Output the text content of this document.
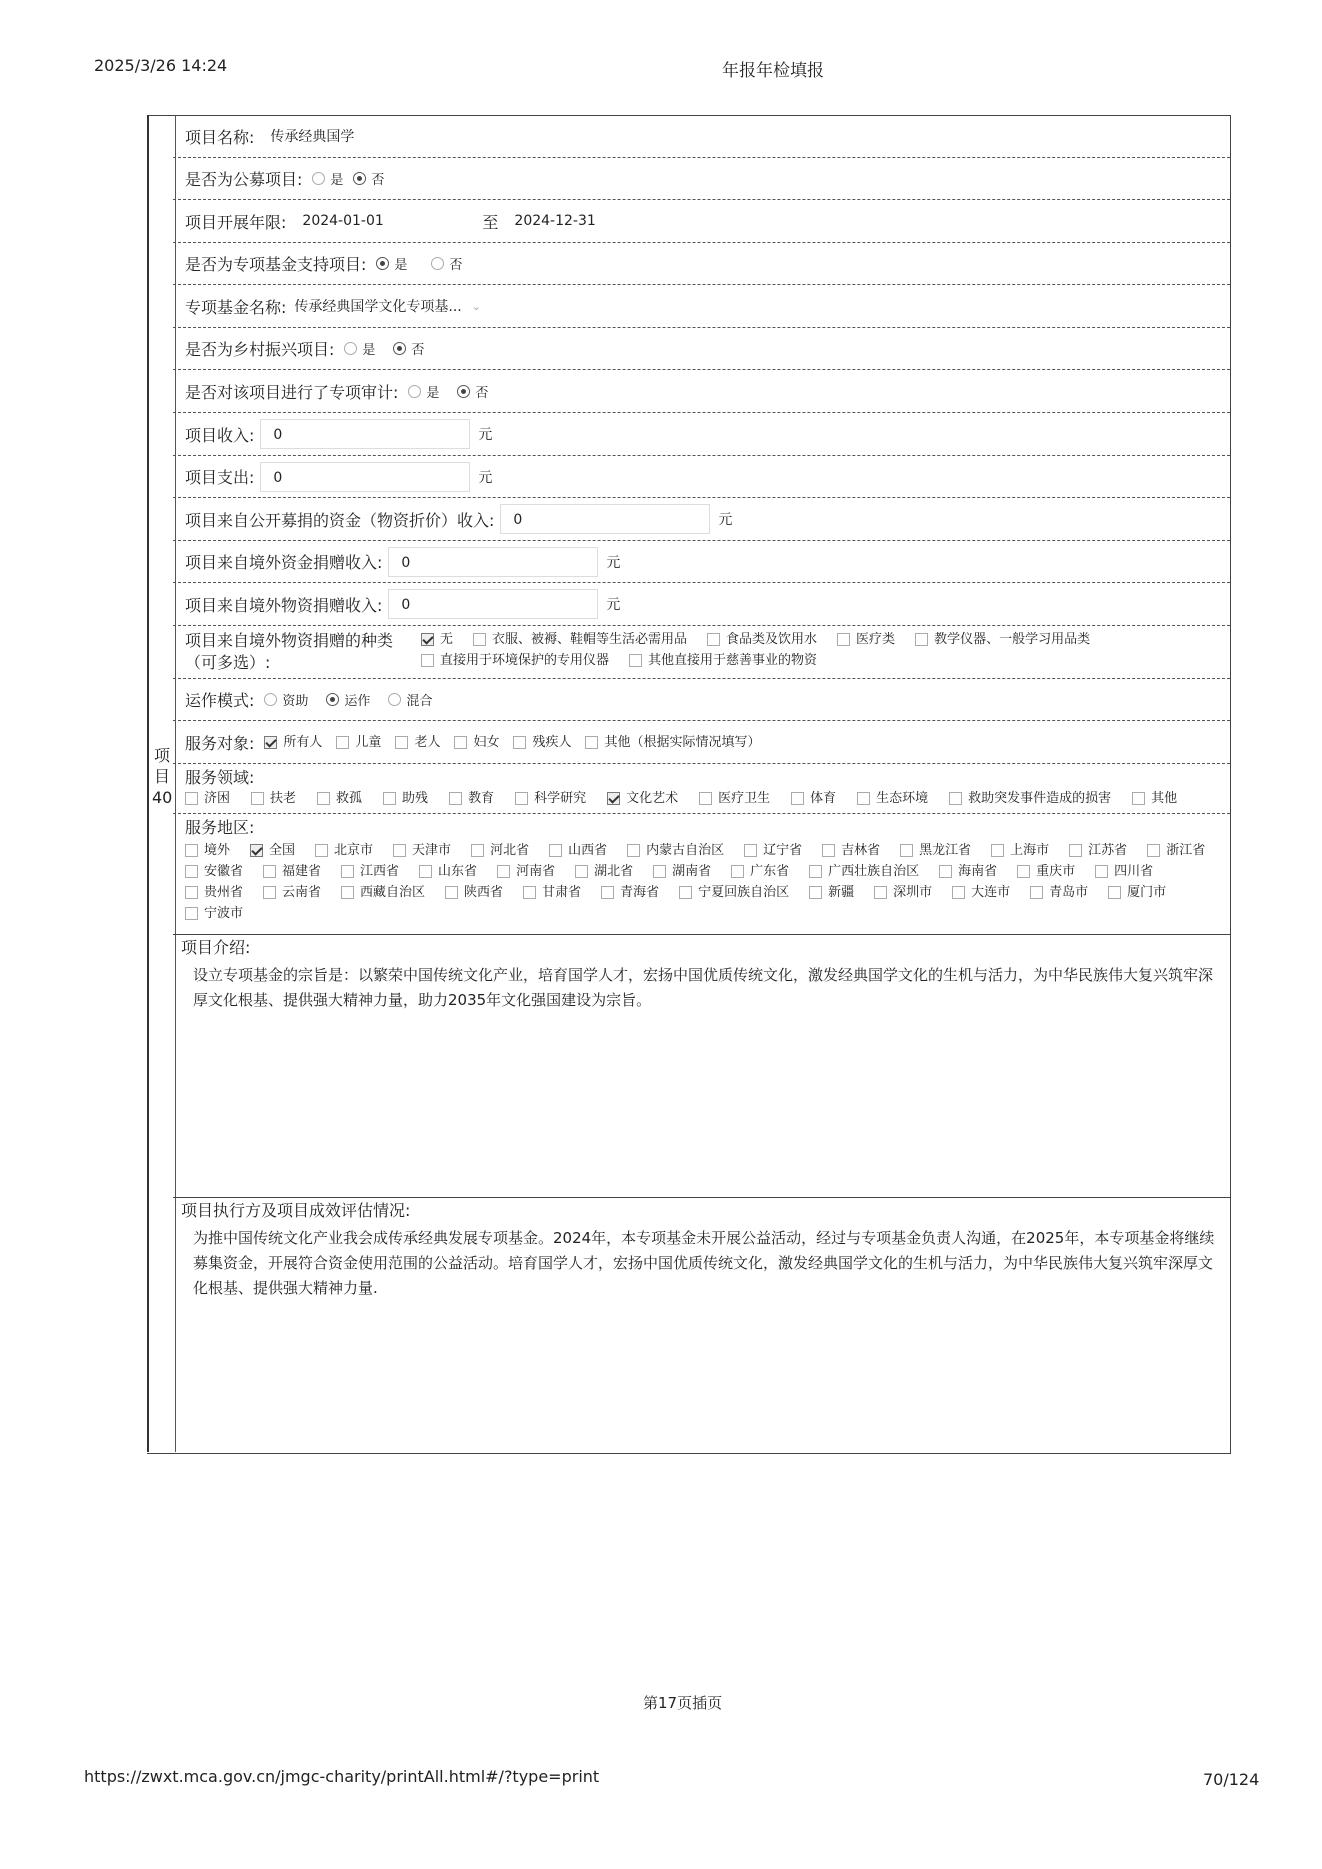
2025/3/26 14:24	年报年检填报
项目40
项目名称: 传承经典国学
是否为公募项目: 是 否
项目开展年限: 2024-01-01	至 2024-12-31
是否为专项基金支持项目: 是	否
专项基金名称: 传承经典国学文化专项基... ⌄
是否为乡村振兴项目: 是	否
是否对该项目进行了专项审计: 是	否
项目收入:	0	元
项目支出:	0	元
项目来自公开募捐的资金（物资折价）收入:	0	元
项目来自境外资金捐赠收入:	0	元
项目来自境外物资捐赠收入:	0	元
项目来自境外物资捐赠的种类
（可多选）:
无	衣服、被褥、鞋帽等生活必需用品	食品类及饮用水	医疗类	教学仪器、一般学习用品类
直接用于环境保护的专用仪器	其他直接用于慈善事业的物资
运作模式: 资助	运作	混合
服务对象:	所有人	儿童	老人	妇女	残疾人	其他（根据实际情况填写）
服务领域:
济困	扶老	救孤	助残	教育	科学研究	文化艺术	医疗卫生	体育	生态环境	救助突发事件造成的损害	其他
服务地区:
境外	全国	北京市	天津市	河北省	山西省	内蒙古自治区	辽宁省	吉林省	黑龙江省	上海市	江苏省	浙江省安徽省	福建省	江西省	山东省	河南省	湖北省	湖南省	广东省	广西壮族自治区	海南省	重庆市	四川省贵州省	云南省	西藏自治区	陕西省	甘肃省	青海省	宁夏回族自治区	新疆	深圳市	大连市	青岛市	厦门市宁波市
项目介绍:
设立专项基金的宗旨是：以繁荣中国传统文化产业，培育国学人才，宏扬中国优质传统文化，激发经典国学文化的生机与活力，为中华民族伟大复兴筑牢深厚文化根基、提供强大精神力量，助力2035年文化强国建设为宗旨。
项目执行方及项目成效评估情况:
为推中国传统文化产业我会成传承经典发展专项基金。2024年，本专项基金未开展公益活动，经过与专项基金负责人沟通，在2025年，本专项基金将继续募集资金，开展符合资金使用范围的公益活动。培育国学人才，宏扬中国优质传统文化，激发经典国学文化的生机与活力，为中华民族伟大复兴筑牢深厚文化根基、提供强大精神力量.
第17页插页
https://zwxt.mca.gov.cn/jmgc-charity/printAll.html#/?type=print	70/124
